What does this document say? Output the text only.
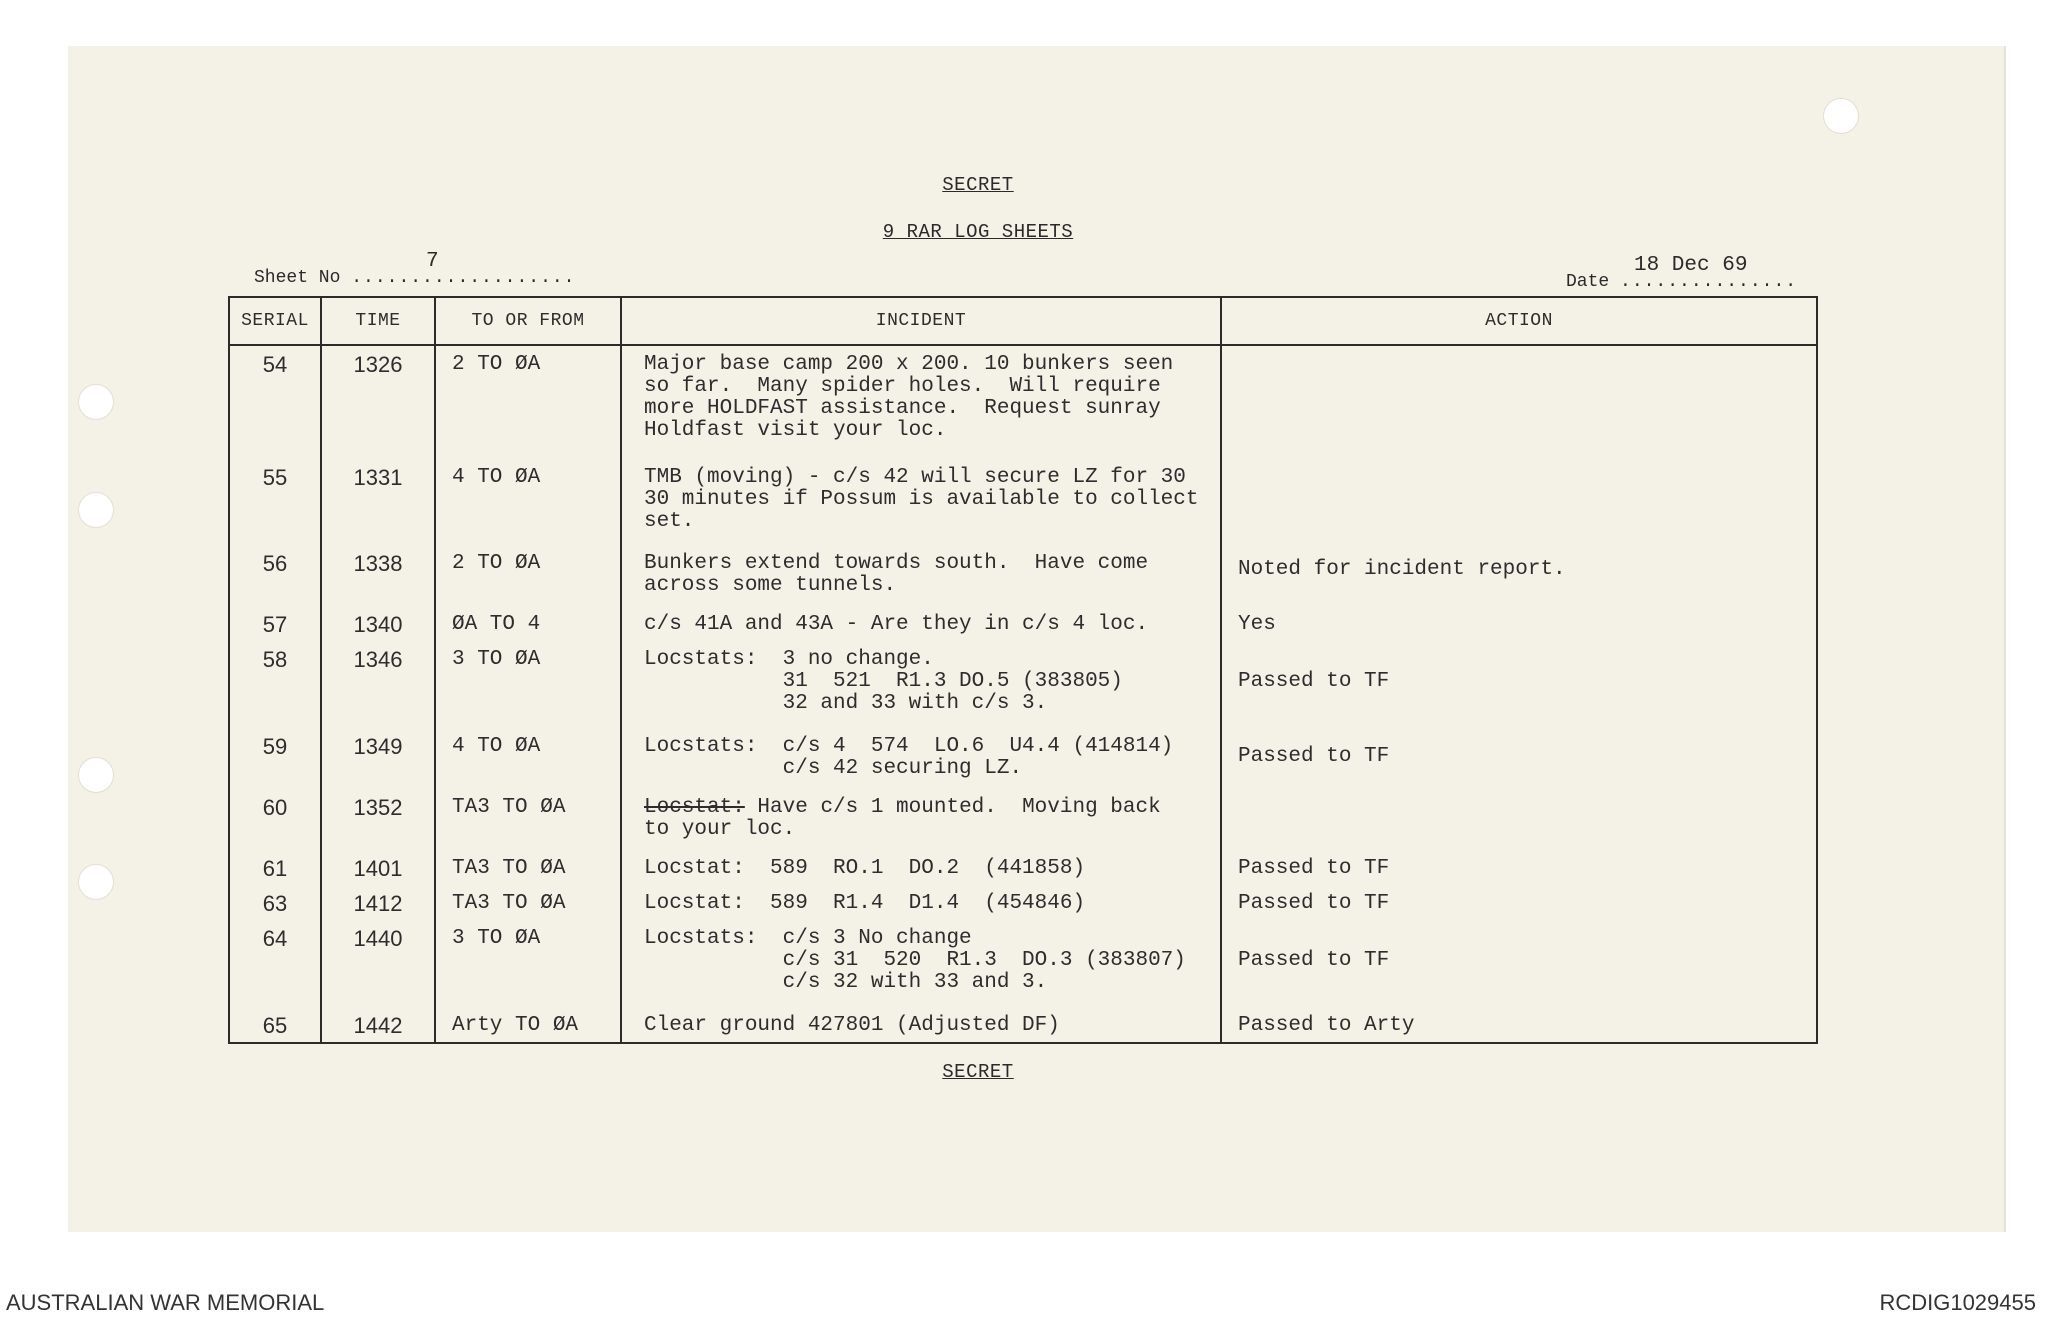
SECRET
9 RAR LOG SHEETS
Sheet No ...................
7
Date ...............
18 Dec 69
SERIAL	TIME	TO OR FROM	INCIDENT	ACTION
54	1326	2 TO ØA	Major base camp 200 x 200. 10 bunkers seen
so far.  Many spider holes.  Will require
more HOLDFAST assistance.  Request sunray
Holdfast visit your loc.	
55	1331	4 TO ØA	TMB (moving) - c/s 42 will secure LZ for 30
30 minutes if Possum is available to collect
set.	
56	1338	2 TO ØA	Bunkers extend towards south.  Have come
across some tunnels.	Noted for incident report.
57	1340	ØA TO 4	c/s 41A and 43A - Are they in c/s 4 loc.	Yes
58	1346	3 TO ØA	Locstats:  3 no change.
31  521  R1.3 DO.5 (383805)
32 and 33 with c/s 3.	Passed to TF
59	1349	4 TO ØA	Locstats:  c/s 4  574  LO.6  U4.4 (414814)
c/s 42 securing LZ.	Passed to TF
60	1352	TA3 TO ØA	Locstat: Have c/s 1 mounted.  Moving back
to your loc.	
61	1401	TA3 TO ØA	Locstat:  589  RO.1  DO.2  (441858)	Passed to TF
63	1412	TA3 TO ØA	Locstat:  589  R1.4  D1.4  (454846)	Passed to TF
64	1440	3 TO ØA	Locstats:  c/s 3 No change
c/s 31  520  R1.3  DO.3 (383807)
c/s 32 with 33 and 3.	Passed to TF
65	1442	Arty TO ØA	Clear ground 427801 (Adjusted DF)	Passed to Arty

SECRET
AUSTRALIAN WAR MEMORIAL	RCDIG1029455
